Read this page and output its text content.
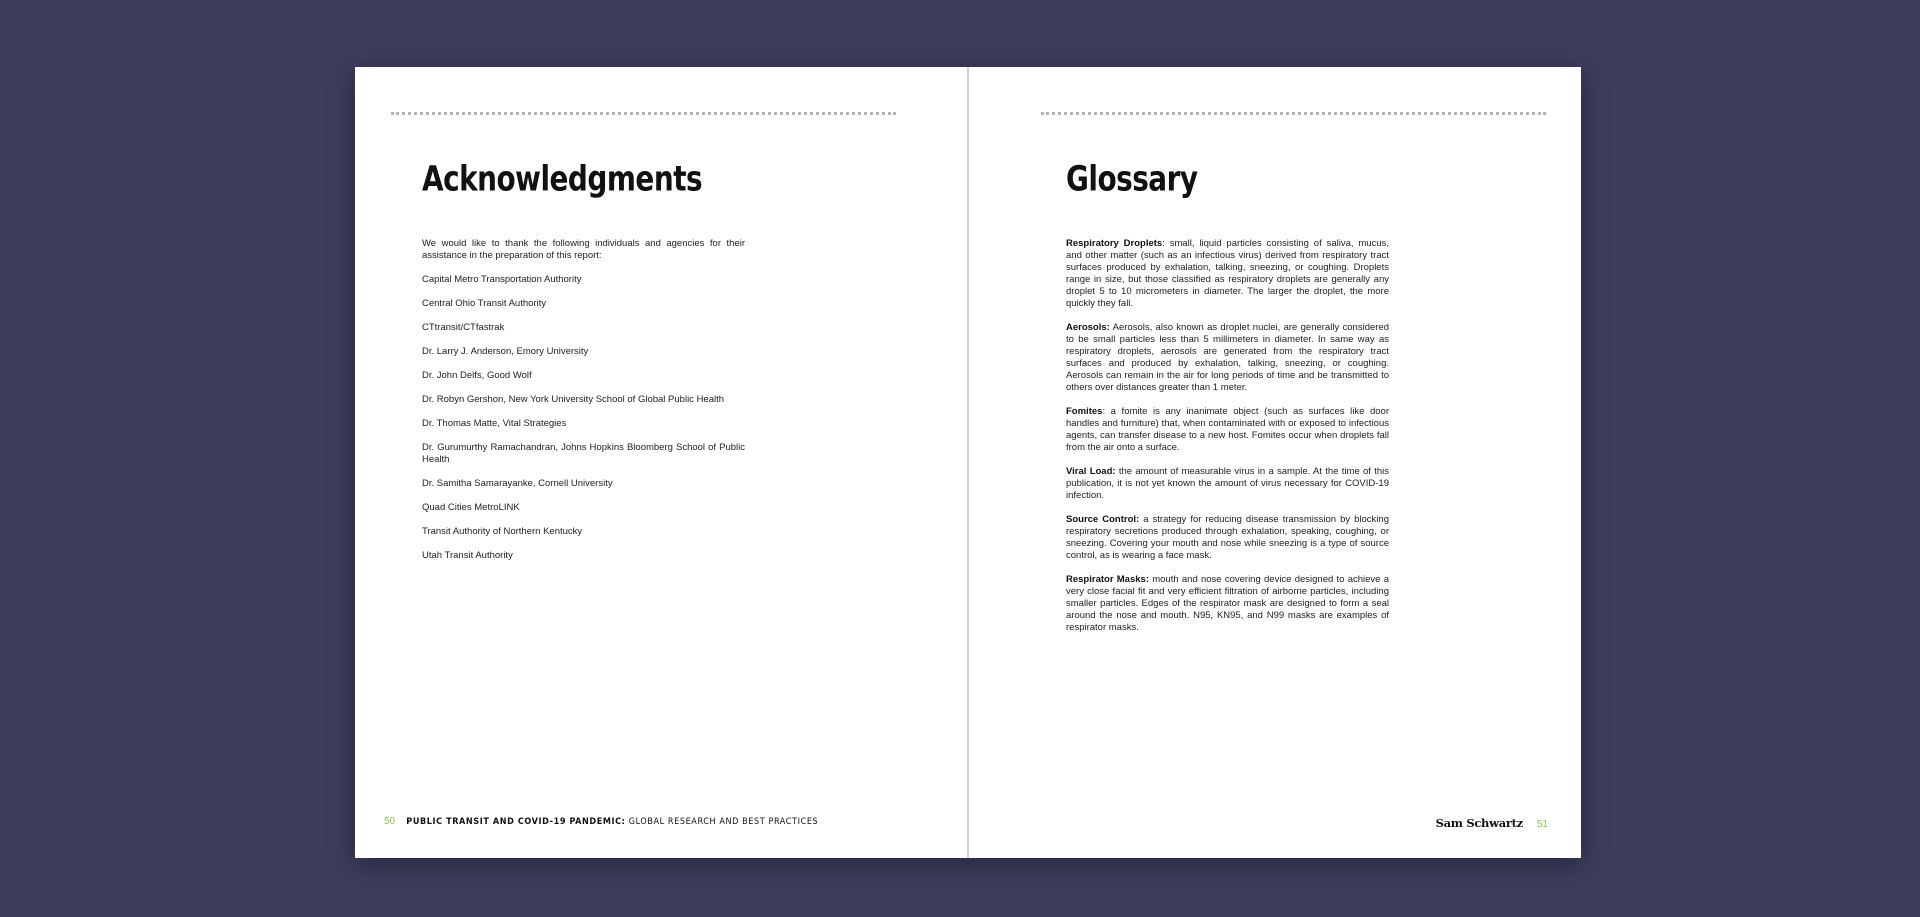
Acknowledgments

We would like to thank the following individuals and agencies for their assistance in the preparation of this report:

Capital Metro Transportation Authority

Central Ohio Transit Authority

CTtransit/CTfastrak

Dr. Larry J. Anderson, Emory University

Dr. John Delfs, Good Wolf

Dr. Robyn Gershon, New York University School of Global Public Health

Dr. Thomas Matte, Vital Strategies

Dr. Gurumurthy Ramachandran, Johns Hopkins Bloomberg School of Public Health

Dr. Samitha Samarayanke, Cornell University

Quad Cities MetroLINK

Transit Authority of Northern Kentucky

Utah Transit Authority

50 PUBLIC TRANSIT AND COVID-19 PANDEMIC: GLOBAL RESEARCH AND BEST PRACTICES
Glossary

Respiratory Droplets: small, liquid particles consisting of saliva, mucus, and other matter (such as an infectious virus) derived from respiratory tract surfaces produced by exhalation, talking, sneezing, or coughing. Droplets range in size, but those classified as respiratory droplets are generally any droplet 5 to 10 micrometers in diameter. The larger the droplet, the more quickly they fall.

Aerosols: Aerosols, also known as droplet nuclei, are generally considered to be small particles less than 5 millimeters in diameter. In same way as respiratory droplets, aerosols are generated from the respiratory tract surfaces and produced by exhalation, talking, sneezing, or coughing. Aerosols can remain in the air for long periods of time and be transmitted to others over distances greater than 1 meter.

Fomites: a fomite is any inanimate object (such as surfaces like door handles and furniture) that, when contaminated with or exposed to infectious agents, can transfer disease to a new host. Fomites occur when droplets fall from the air onto a surface.

Viral Load: the amount of measurable virus in a sample. At the time of this publication, it is not yet known the amount of virus necessary for COVID-19 infection.

Source Control: a strategy for reducing disease transmission by blocking respiratory secretions produced through exhalation, speaking, coughing, or sneezing. Covering your mouth and nose while sneezing is a type of source control, as is wearing a face mask.

Respirator Masks: mouth and nose covering device designed to achieve a very close facial fit and very efficient filtration of airborne particles, including smaller particles. Edges of the respirator mask are designed to form a seal around the nose and mouth. N95, KN95, and N99 masks are examples of respirator masks.

Sam Schwartz 51
